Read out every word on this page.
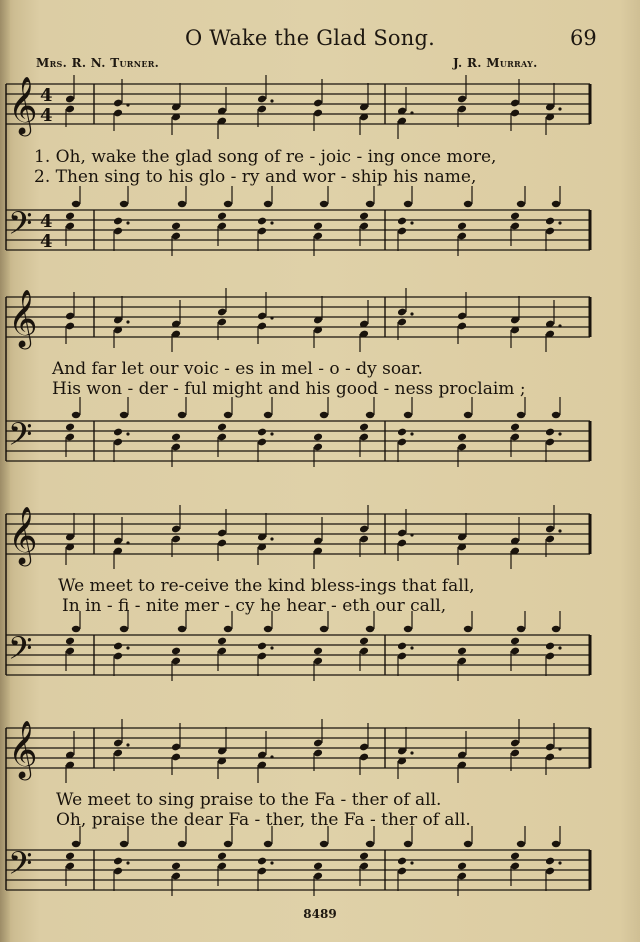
O Wake the Glad Song.	69
Mrs. R. N. Turner.	J. R. Murray.
𝄞 4
4
𝄢 4
4
𝄞
𝄢
𝄞
𝄢
𝄞
𝄢
1. Oh, wake the glad song of re - joic - ing once more,
2. Then sing to his glo - ry and wor - ship his name,
And far let our voic - es in mel - o - dy soar.
His won - der - ful might and his good - ness proclaim ;
We meet to re-ceive the kind bless-ings that fall,
In in - fi - nite mer - cy he hear - eth our call,
We meet to sing praise to the Fa - ther of all.
Oh, praise the dear Fa - ther, the Fa - ther of all.
8489
